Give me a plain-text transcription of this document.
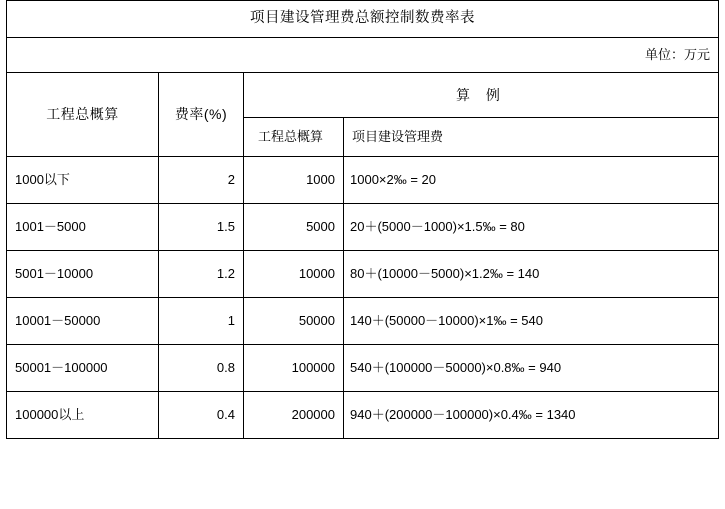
项目建设管理费总额控制数费率表			

单位：万元			

工程总概算	费率(%)	算 例	

		工程总概算	项目建设管理费

1000以下	2	1000	1000×2‰ = 20

1001－5000	1.5	5000	20＋(5000－1000)×1.5‰ = 80

5001－10000	1.2	10000	80＋(10000－5000)×1.2‰ = 140

10001－50000	1	50000	140＋(50000－10000)×1‰ = 540

50001－100000	0.8	100000	540＋(100000－50000)×0.8‰ = 940

100000以上	0.4	200000	940＋(200000－100000)×0.4‰ = 1340
